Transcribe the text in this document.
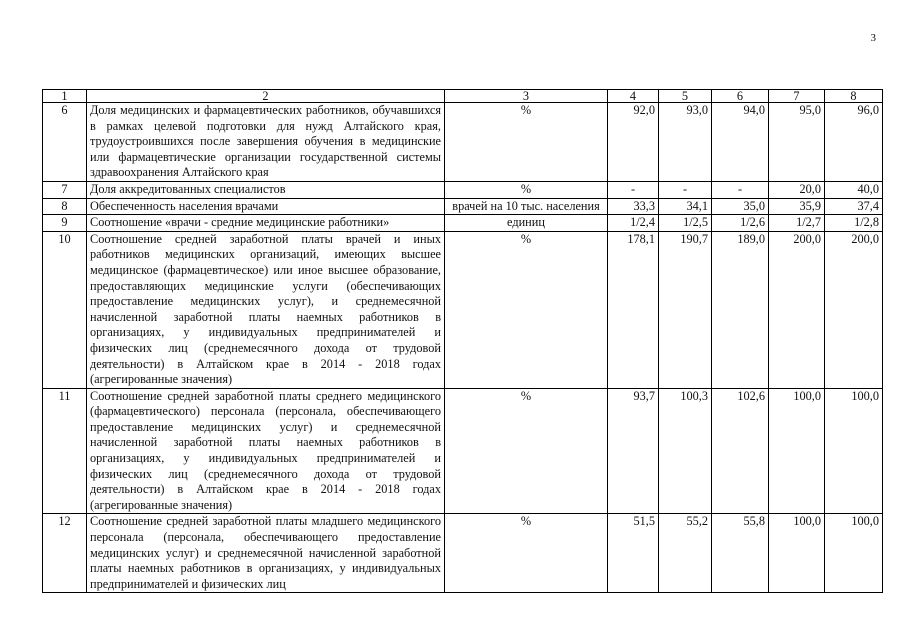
3
1	2	3	4	5	6	7	8
6	Доля медицинских и фармацевтических работников, обучавшихся в рамках целевой подготовки для нужд Алтайского края, трудоустроившихся после завершения обучения в медицинские или фармацевтические организации государственной системы здравоохранения Алтайского края	%	92,0	93,0	94,0	95,0	96,0
7	Доля аккредитованных специалистов	%	-	-	-	20,0	40,0
8	Обеспеченность населения врачами	врачей на 10 тыс. населения	33,3	34,1	35,0	35,9	37,4
9	Соотношение «врачи - средние медицинские работники»	единиц	1/2,4	1/2,5	1/2,6	1/2,7	1/2,8
10	Соотношение средней заработной платы врачей и иных работников медицинских организаций, имеющих высшее медицинское (фармацевтическое) или иное высшее образование, предоставляющих медицинские услуги (обеспечивающих предоставление медицинских услуг), и среднемесячной начисленной заработной платы наемных работников в организациях, у индивидуальных предпринимателей и физических лиц (среднемесячного дохода от трудовой деятельности) в Алтайском крае в 2014 - 2018 годах (агрегированные значения)	%	178,1	190,7	189,0	200,0	200,0
11	Соотношение средней заработной платы среднего медицинского (фармацевтического) персонала (персонала, обеспечивающего предоставление медицинских услуг) и среднемесячной начисленной заработной платы наемных работников в организациях, у индивидуальных предпринимателей и физических лиц (среднемесячного дохода от трудовой деятельности) в Алтайском крае в 2014 - 2018 годах (агрегированные значения)	%	93,7	100,3	102,6	100,0	100,0
12	Соотношение средней заработной платы младшего медицинского персонала (персонала, обеспечивающего предоставление медицинских услуг) и среднемесячной начисленной заработной платы наемных работников в организациях, у индивидуальных предпринимателей и физических лиц	%	51,5	55,2	55,8	100,0	100,0
